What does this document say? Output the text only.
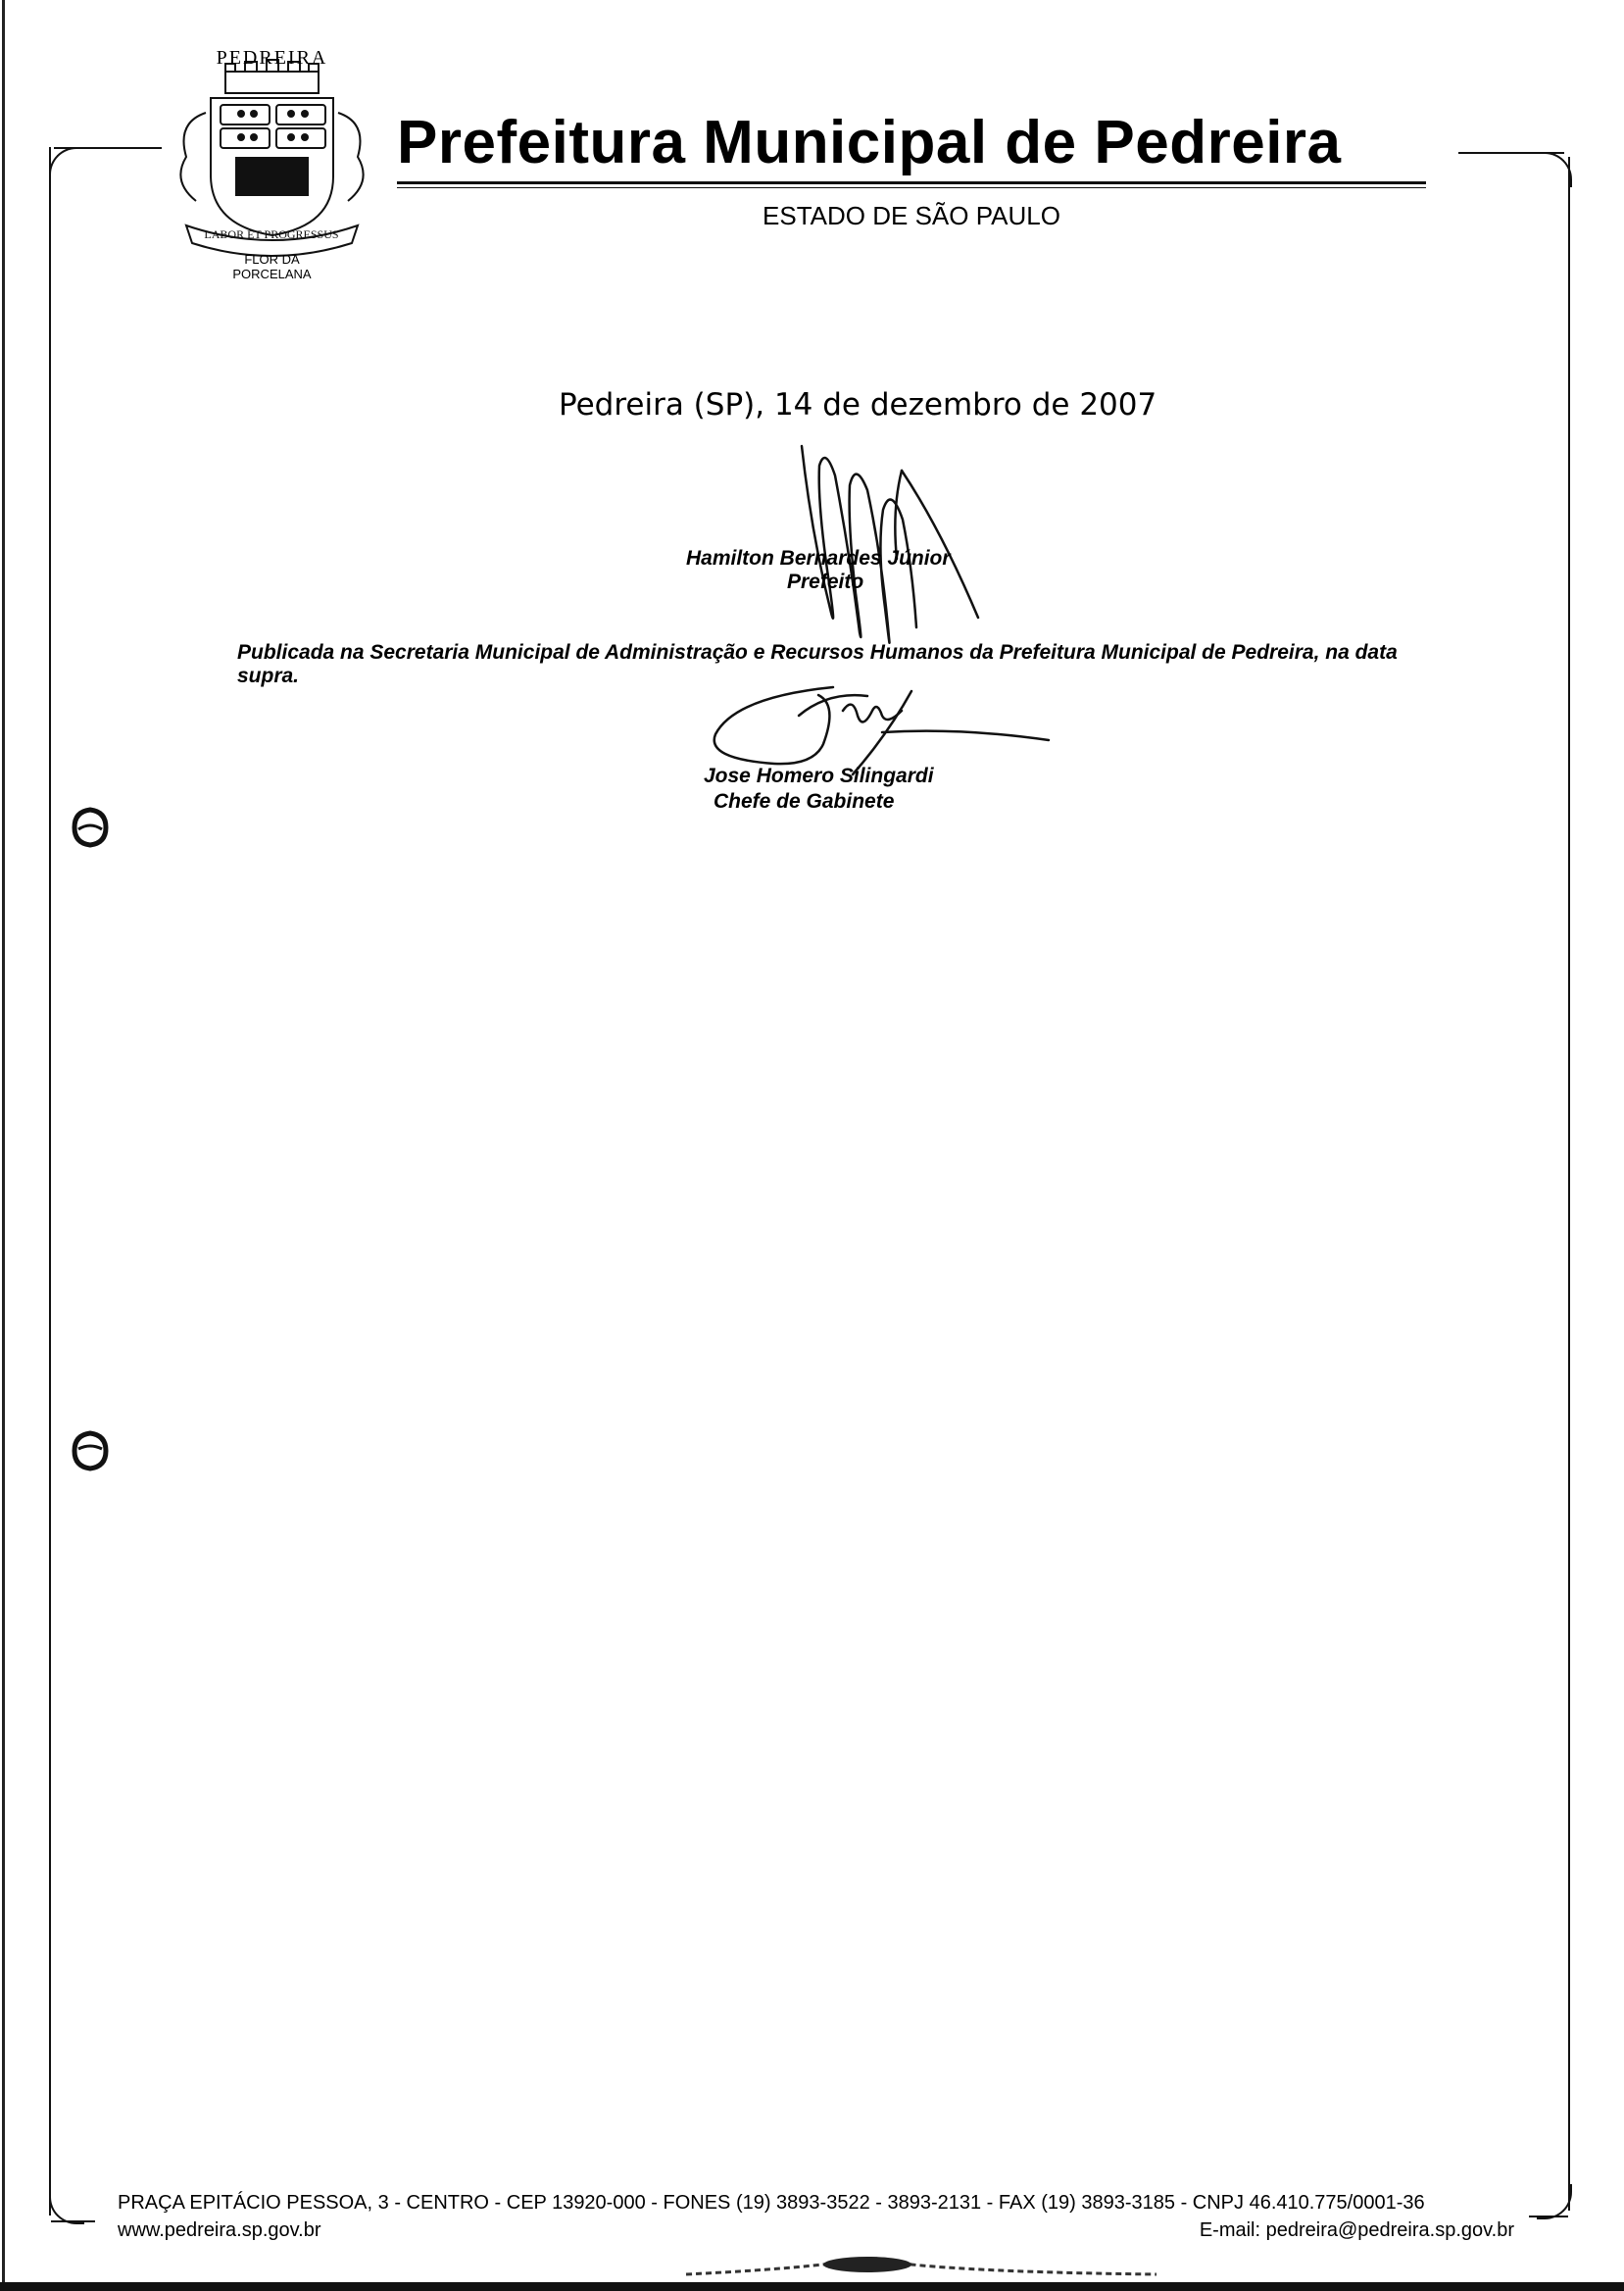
LABOR ET PROGRESSUS
PEDREIRA
FLOR DA
PORCELANA
Prefeitura Municipal de Pedreira
ESTADO DE SÃO PAULO
Pedreira (SP), 14 de dezembro de 2007
Hamilton Bernardes Júnior
Prefeito
Publicada na Secretaria Municipal de Administração e Recursos Humanos da Prefeitura Municipal de Pedreira, na data supra.
Jose Homero Silingardi
Chefe de Gabinete
PRAÇA EPITÁCIO PESSOA, 3 - CENTRO - CEP 13920-000 - FONES (19) 3893-3522 - 3893-2131 - FAX (19) 3893-3185 - CNPJ 46.410.775/0001-36
www.pedreira.sp.gov.br	E-mail: pedreira@pedreira.sp.gov.br
